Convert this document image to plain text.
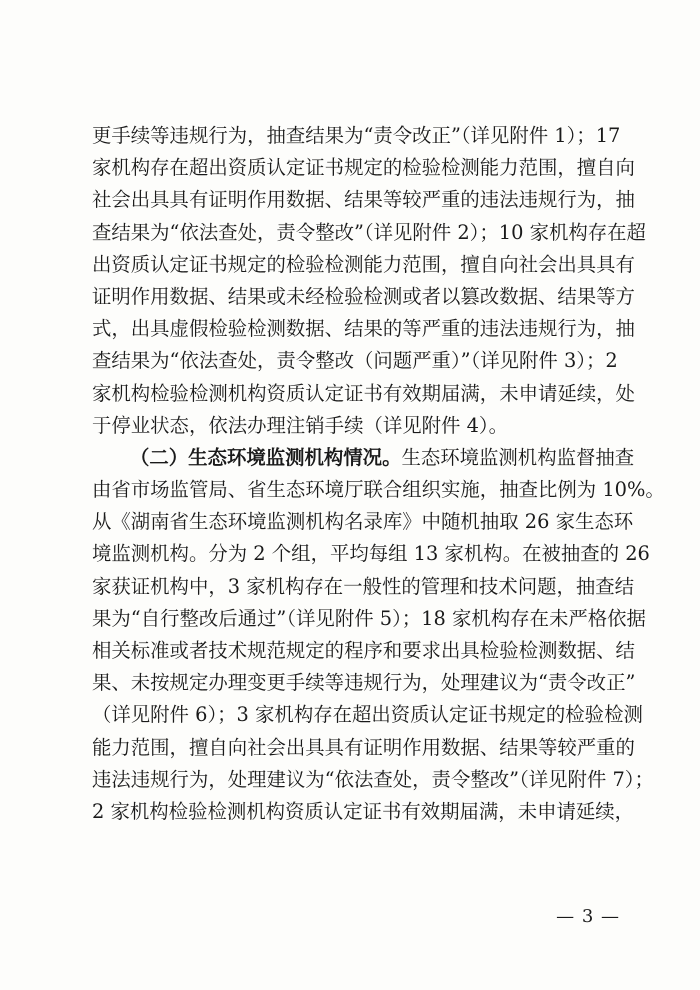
更手续等违规行为，抽查结果为“责令改正”（详见附件 1）；17
家机构存在超出资质认定证书规定的检验检测能力范围，擅自向
社会出具具有证明作用数据、结果等较严重的违法违规行为，抽
查结果为“依法查处，责令整改”（详见附件 2）；10 家机构存在超
出资质认定证书规定的检验检测能力范围，擅自向社会出具具有
证明作用数据、结果或未经检验检测或者以篡改数据、结果等方
式，出具虚假检验检测数据、结果的等严重的违法违规行为，抽
查结果为“依法查处，责令整改（问题严重）”（详见附件 3）；2
家机构检验检测机构资质认定证书有效期届满，未申请延续，处
于停业状态，依法办理注销手续（详见附件 4）。
（二）生态环境监测机构情况。生态环境监测机构监督抽查
由省市场监管局、省生态环境厅联合组织实施，抽查比例为 10%。
从《湖南省生态环境监测机构名录库》中随机抽取 26 家生态环
境监测机构。分为 2 个组，平均每组 13 家机构。在被抽查的 26
家获证机构中，3 家机构存在一般性的管理和技术问题，抽查结
果为“自行整改后通过”（详见附件 5）；18 家机构存在未严格依据
相关标准或者技术规范规定的程序和要求出具检验检测数据、结
果、未按规定办理变更手续等违规行为，处理建议为“责令改正”
（详见附件 6）；3 家机构存在超出资质认定证书规定的检验检测
能力范围，擅自向社会出具具有证明作用数据、结果等较严重的
违法违规行为，处理建议为“依法查处，责令整改”（详见附件 7）；
2 家机构检验检测机构资质认定证书有效期届满，未申请延续，
— 3 —
